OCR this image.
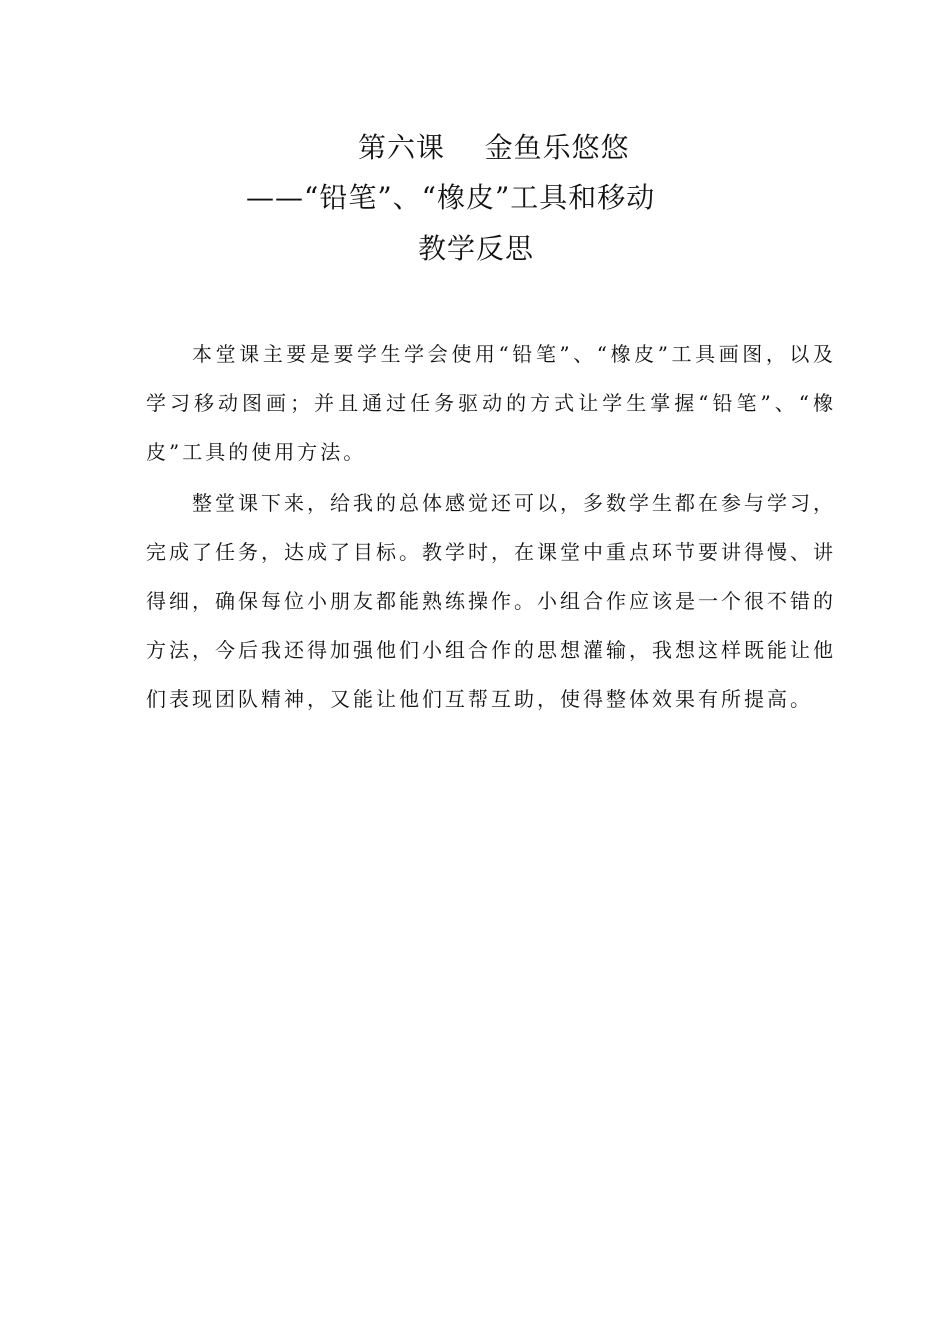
第六课    金鱼乐悠悠
——“铅笔”、“橡皮”工具和移动
教学反思

本堂课主要是要学生学会使用“铅笔”、“橡皮”工具画图，以及学习移动图画；并且通过任务驱动的方式让学生掌握“铅笔”、“橡皮”工具的使用方法。

整堂课下来，给我的总体感觉还可以，多数学生都在参与学习，完成了任务，达成了目标。教学时，在课堂中重点环节要讲得慢、讲得细，确保每位小朋友都能熟练操作。小组合作应该是一个很不错的方法，今后我还得加强他们小组合作的思想灌输，我想这样既能让他们表现团队精神，又能让他们互帮互助，使得整体效果有所提高。
